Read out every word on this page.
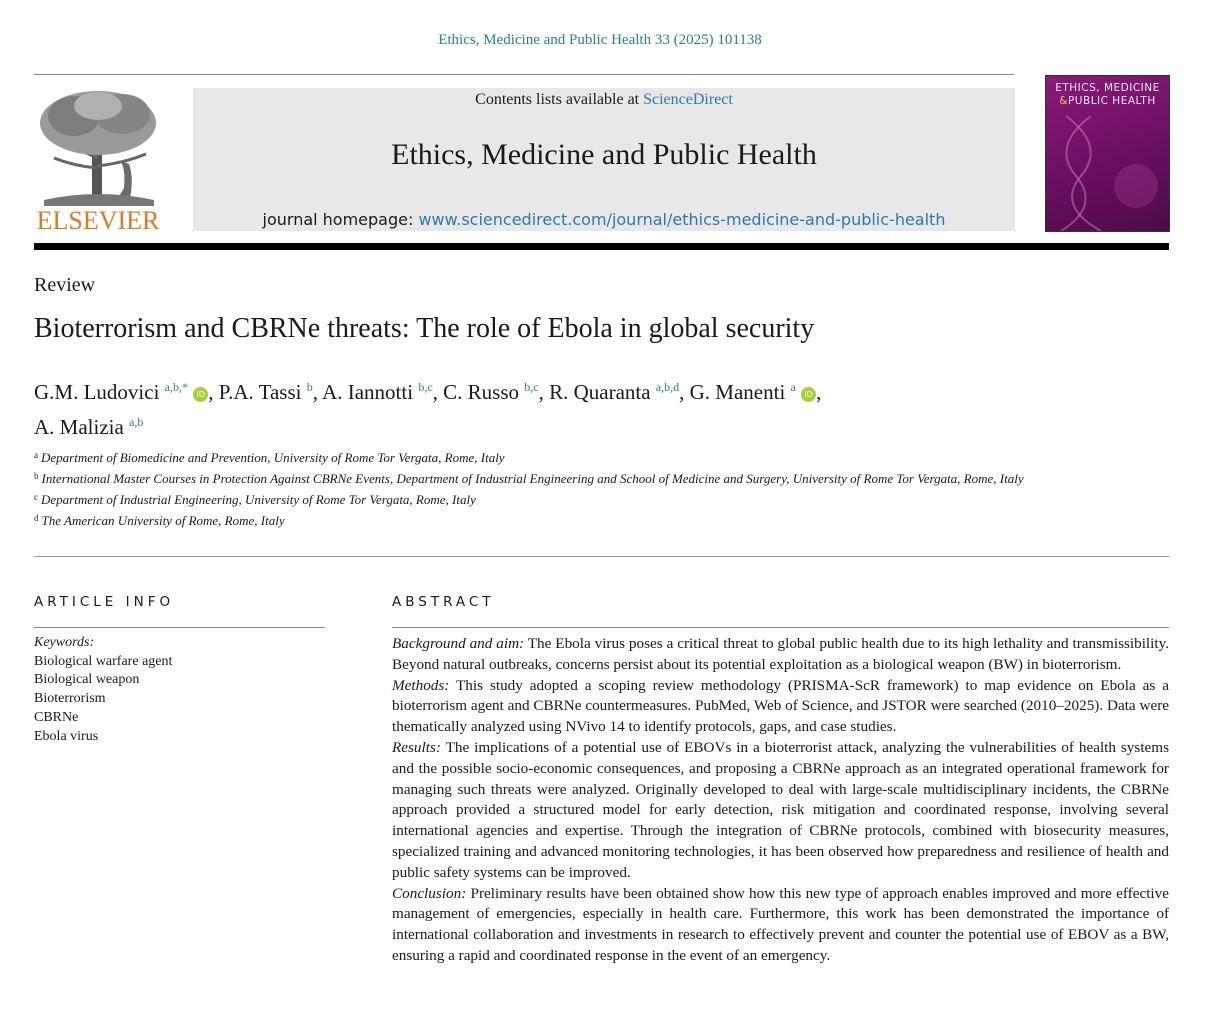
Ethics, Medicine and Public Health 33 (2025) 101138
ELSEVIER
Contents lists available at ScienceDirect
Ethics, Medicine and Public Health
journal homepage: www.sciencedirect.com/journal/ethics-medicine-and-public-health
ETHICS, MEDICINE
&PUBLIC HEALTH
Review
Bioterrorism and CBRNe threats: The role of Ebola in global security
G.M. Ludovici $^{a,b,*}$ iD , P.A. Tassi $^b$, A. Iannotti $^{b,c}$, C. Russo $^{b,c}$, R. Quaranta $^{a,b,d}$, G. Manenti $^a$ iD ,
A. Malizia $^{a,b}$
$^a$ Department of Biomedicine and Prevention, University of Rome Tor Vergata, Rome, Italy
$^b$ International Master Courses in Protection Against CBRNe Events, Department of Industrial Engineering and School of Medicine and Surgery, University of Rome Tor Vergata, Rome, Italy
$^c$ Department of Industrial Engineering, University of Rome Tor Vergata, Rome, Italy
$^d$ The American University of Rome, Rome, Italy
ARTICLE INFO
Keywords:
Biological warfare agent
Biological weapon
Bioterrorism
CBRNe
Ebola virus
ABSTRACT

Background and aim: The Ebola virus poses a critical threat to global public health due to its high lethality and transmissibility. Beyond natural outbreaks, concerns persist about its potential exploitation as a biological weapon (BW) in bioterrorism.

Methods: This study adopted a scoping review methodology (PRISMA-ScR framework) to map evidence on Ebola as a bioterrorism agent and CBRNe countermeasures. PubMed, Web of Science, and JSTOR were searched (2010–2025). Data were thematically analyzed using NVivo 14 to identify protocols, gaps, and case studies.

Results: The implications of a potential use of EBOVs in a bioterrorist attack, analyzing the vulnerabilities of health systems and the possible socio-economic consequences, and proposing a CBRNe approach as an integrated operational framework for managing such threats were analyzed. Originally developed to deal with large-scale multidisciplinary incidents, the CBRNe approach provided a structured model for early detection, risk mitigation and coordinated response, involving several international agencies and expertise. Through the integration of CBRNe protocols, combined with biosecurity measures, specialized training and advanced monitoring technologies, it has been observed how preparedness and resilience of health and public safety systems can be improved.

Conclusion: Preliminary results have been obtained show how this new type of approach enables improved and more effective management of emergencies, especially in health care. Furthermore, this work has been demonstrated the importance of international collaboration and investments in research to effectively prevent and counter the potential use of EBOV as a BW, ensuring a rapid and coordinated response in the event of an emergency.
